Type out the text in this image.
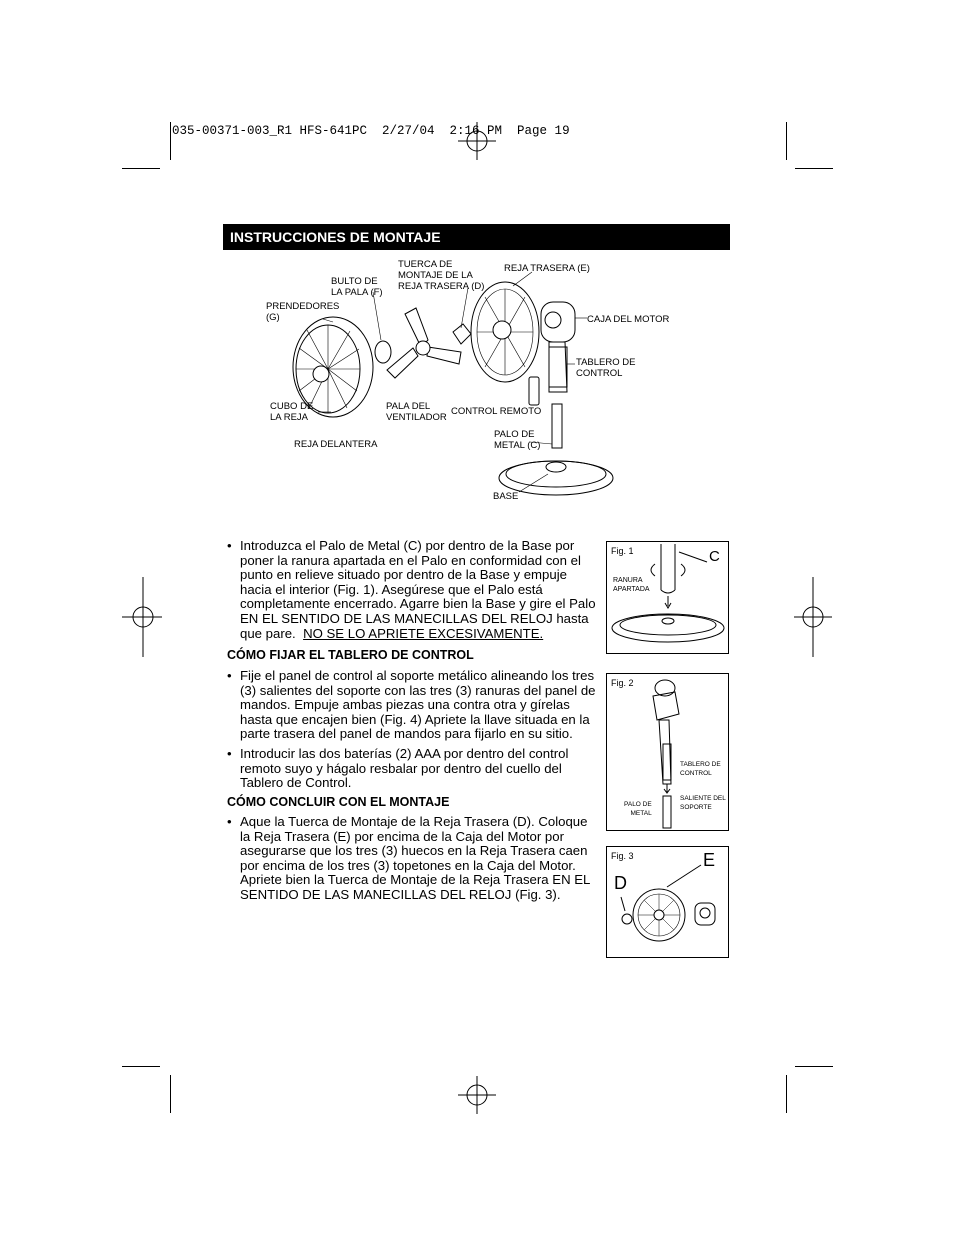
035-00371-003_R1 HFS-641PC  2/27/04  2:16 PM  Page 19
INSTRUCCIONES DE MONTAJE
BULTO DE
LA PALA (F)
TUERCA DE
MONTAJE DE LA
REJA TRASERA (D)
REJA TRASERA (E)
PRENDEDORES
(G)	CAJA DEL MOTOR
TABLERO DE
CONTROL
CUBO DE
LA REJA
PALA DEL
VENTILADOR
CONTROL REMOTO
PALO DE
METAL (C)
REJA DELANTERA
BASE
• Introduzca el Palo de Metal (C) por dentro de la Base por poner la ranura apartada en el Palo en conformidad con el punto en relieve situado por dentro de la Base y empuje hacia el interior (Fig. 1). Asegúrese que el Palo está completamente encerrado. Agarre bien la Base y gire el Palo EN EL SENTIDO DE LAS MANECILLAS DEL RELOJ hasta que pare. NO SE LO APRIETE EXCESIVAMENTE.
CÓMO FIJAR EL TABLERO DE CONTROL
• Fije el panel de control al soporte metálico alineando los tres (3) salientes del soporte con las tres (3) ranuras del panel de mandos. Empuje ambas piezas una contra otra y gírelas hasta que encajen bien (Fig. 4) Apriete la llave situada en la parte trasera del panel de mandos para fijarlo en su sitio.
• Introducir las dos baterías (2) AAA por dentro del control remoto suyo y hágalo resbalar por dentro del cuello del Tablero de Control.
CÓMO CONCLUIR CON EL MONTAJE
• Aque la Tuerca de Montaje de la Reja Trasera (D). Coloque la Reja Trasera (E) por encima de la Caja del Motor por asegurarse que los tres (3) huecos en la Reja Trasera caen por encima de los tres (3) topetones en la Caja del Motor. Apriete bien la Tuerca de Montaje de la Reja Trasera EN EL SENTIDO DE LAS MANECILLAS DEL RELOJ (Fig. 3).
Fig. 1	C
RANURA
APARTADA
Fig. 2
TABLERO DE
CONTROL
PALO DE
METAL
SALIENTE DEL
SOPORTE
Fig. 3
D
E
